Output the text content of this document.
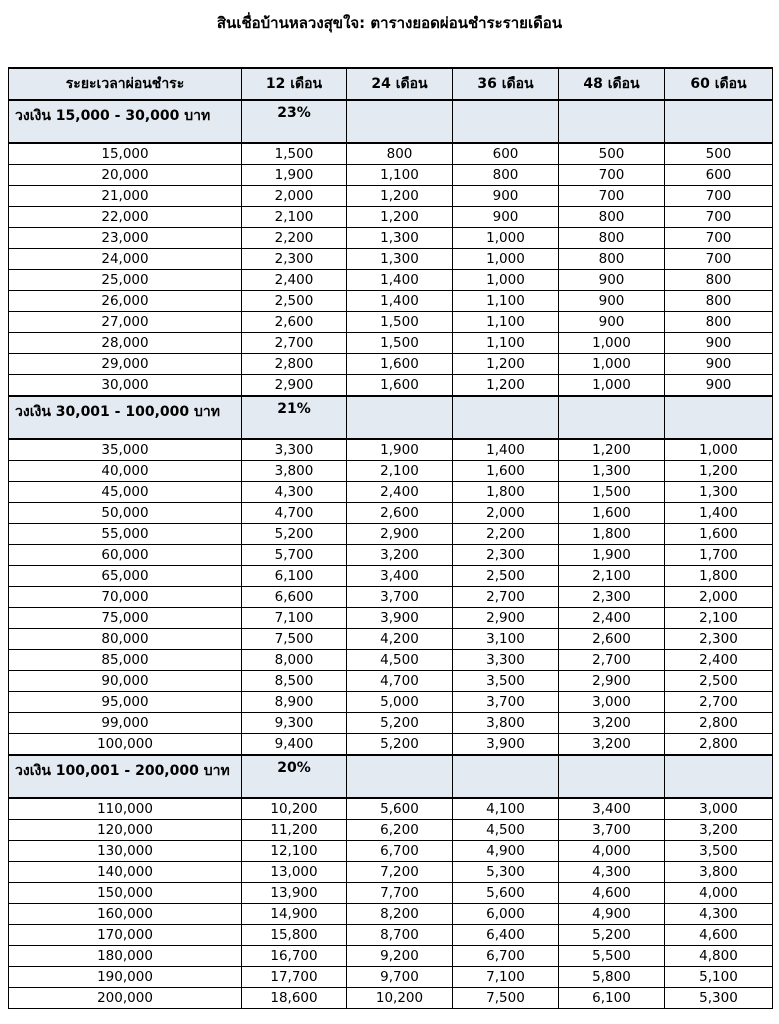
สินเชื่อบ้านหลวงสุขใจ: ตารางยอดผ่อนชำระรายเดือน
ระยะเวลาผ่อนชำระ	12 เดือน	24 เดือน	36 เดือน	48 เดือน	60 เดือน
วงเงิน 15,000 - 30,000 บาท	23%				
15,000	1,500	800	600	500	500
20,000	1,900	1,100	800	700	600
21,000	2,000	1,200	900	700	700
22,000	2,100	1,200	900	800	700
23,000	2,200	1,300	1,000	800	700
24,000	2,300	1,300	1,000	800	700
25,000	2,400	1,400	1,000	900	800
26,000	2,500	1,400	1,100	900	800
27,000	2,600	1,500	1,100	900	800
28,000	2,700	1,500	1,100	1,000	900
29,000	2,800	1,600	1,200	1,000	900
30,000	2,900	1,600	1,200	1,000	900
วงเงิน 30,001 - 100,000 บาท	21%				
35,000	3,300	1,900	1,400	1,200	1,000
40,000	3,800	2,100	1,600	1,300	1,200
45,000	4,300	2,400	1,800	1,500	1,300
50,000	4,700	2,600	2,000	1,600	1,400
55,000	5,200	2,900	2,200	1,800	1,600
60,000	5,700	3,200	2,300	1,900	1,700
65,000	6,100	3,400	2,500	2,100	1,800
70,000	6,600	3,700	2,700	2,300	2,000
75,000	7,100	3,900	2,900	2,400	2,100
80,000	7,500	4,200	3,100	2,600	2,300
85,000	8,000	4,500	3,300	2,700	2,400
90,000	8,500	4,700	3,500	2,900	2,500
95,000	8,900	5,000	3,700	3,000	2,700
99,000	9,300	5,200	3,800	3,200	2,800
100,000	9,400	5,200	3,900	3,200	2,800
วงเงิน 100,001 - 200,000 บาท	20%				
110,000	10,200	5,600	4,100	3,400	3,000
120,000	11,200	6,200	4,500	3,700	3,200
130,000	12,100	6,700	4,900	4,000	3,500
140,000	13,000	7,200	5,300	4,300	3,800
150,000	13,900	7,700	5,600	4,600	4,000
160,000	14,900	8,200	6,000	4,900	4,300
170,000	15,800	8,700	6,400	5,200	4,600
180,000	16,700	9,200	6,700	5,500	4,800
190,000	17,700	9,700	7,100	5,800	5,100
200,000	18,600	10,200	7,500	6,100	5,300
